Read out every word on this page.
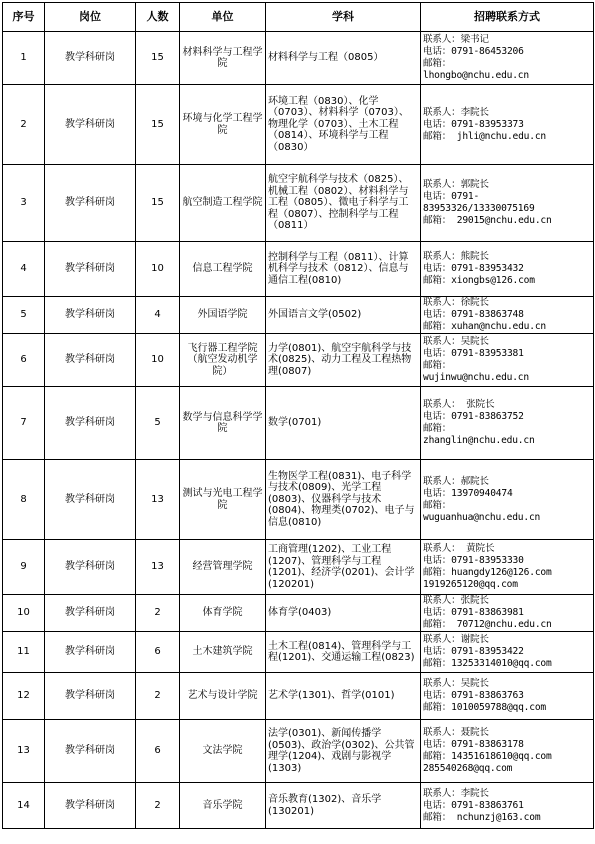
序号	岗位	人数	单位	学科	招聘联系方式
1	教学科研岗	15	材料科学与工程学院	材料科学与工程（0805）	联系人：梁书记
电话：0791-86453206
邮箱：
lhongbo@nchu.edu.cn

2	教学科研岗	15	环境与化学工程学院	环境工程（0830）、化学（0703）、材料科学（0703）、物理化学（0703）、土木工程（0814）、环境科学与工程（0830）	联系人：李院长
电话：0791-83953373
邮箱： jhli@nchu.edu.cn

3	教学科研岗	15	航空制造工程学院	航空宇航科学与技术（0825）、机械工程（0802）、材料科学与工程（0805）、微电子科学与工程（0807）、控制科学与工程（0811）	联系人：郭院长
电话：0791-
83953326/13330075169
邮箱： 29015@nchu.edu.cn

4	教学科研岗	10	信息工程学院	控制科学与工程（0811）、计算机科学与技术（0812）、信息与通信工程(0810)	联系人：熊院长
电话：0791-83953432
邮箱：xiongbs@126.com

5	教学科研岗	4	外国语学院	外国语言文学(0502)	联系人：徐院长
电话：0791-83863748
邮箱：xuhan@nchu.edu.cn

6	教学科研岗	10	飞行器工程学院（航空发动机学院）	力学(0801)、航空宇航科学与技术(0825)、动力工程及工程热物理(0807)	联系人：吴院长
电话：0791-83953381
邮箱：
wujinwu@nchu.edu.cn

7	教学科研岗	5	数学与信息科学学院	数学(0701)	联系人： 张院长
电话：0791-83863752
邮箱：
zhanglin@nchu.edu.cn

8	教学科研岗	13	测试与光电工程学院	生物医学工程(0831)、电子科学与技术(0809)、光学工程(0803)、仪器科学与技术(0804)、物理类(0702)、电子与信息(0810)	联系人：郝院长
电话：13970940474
邮箱：
wuguanhua@nchu.edu.cn

9	教学科研岗	13	经营管理学院	工商管理(1202)、工业工程(1207)、管理科学与工程(1201)、经济学(0201)、会计学(120201)	联系人： 黄院长
电话：0791-83953330
邮箱：huangdy126@126.com
1919265120@qq.com

10	教学科研岗	2	体育学院	体育学(0403)	联系人：张院长
电话：0791-83863981
邮箱： 70712@nchu.edu.cn

11	教学科研岗	6	土木建筑学院	土木工程(0814)、管理科学与工程(1201)、交通运输工程(0823)	联系人：谢院长
电话：0791-83953422
邮箱：13253314010@qq.com

12	教学科研岗	2	艺术与设计学院	艺术学(1301)、哲学(0101)	联系人：吴院长
电话：0791-83863763
邮箱：1010059788@qq.com

13	教学科研岗	6	文法学院	法学(0301)、新闻传播学(0503)、政治学(0302)、公共管理学(1204)、戏剧与影视学(1303)	联系人：聂院长
电话：0791-83863178
邮箱：14351618610@qq.com
285540268@qq.com

14	教学科研岗	2	音乐学院	音乐教育(1302)、音乐学(130201)	联系人：李院长
电话：0791-83863761
邮箱： nchunzj@163.com
